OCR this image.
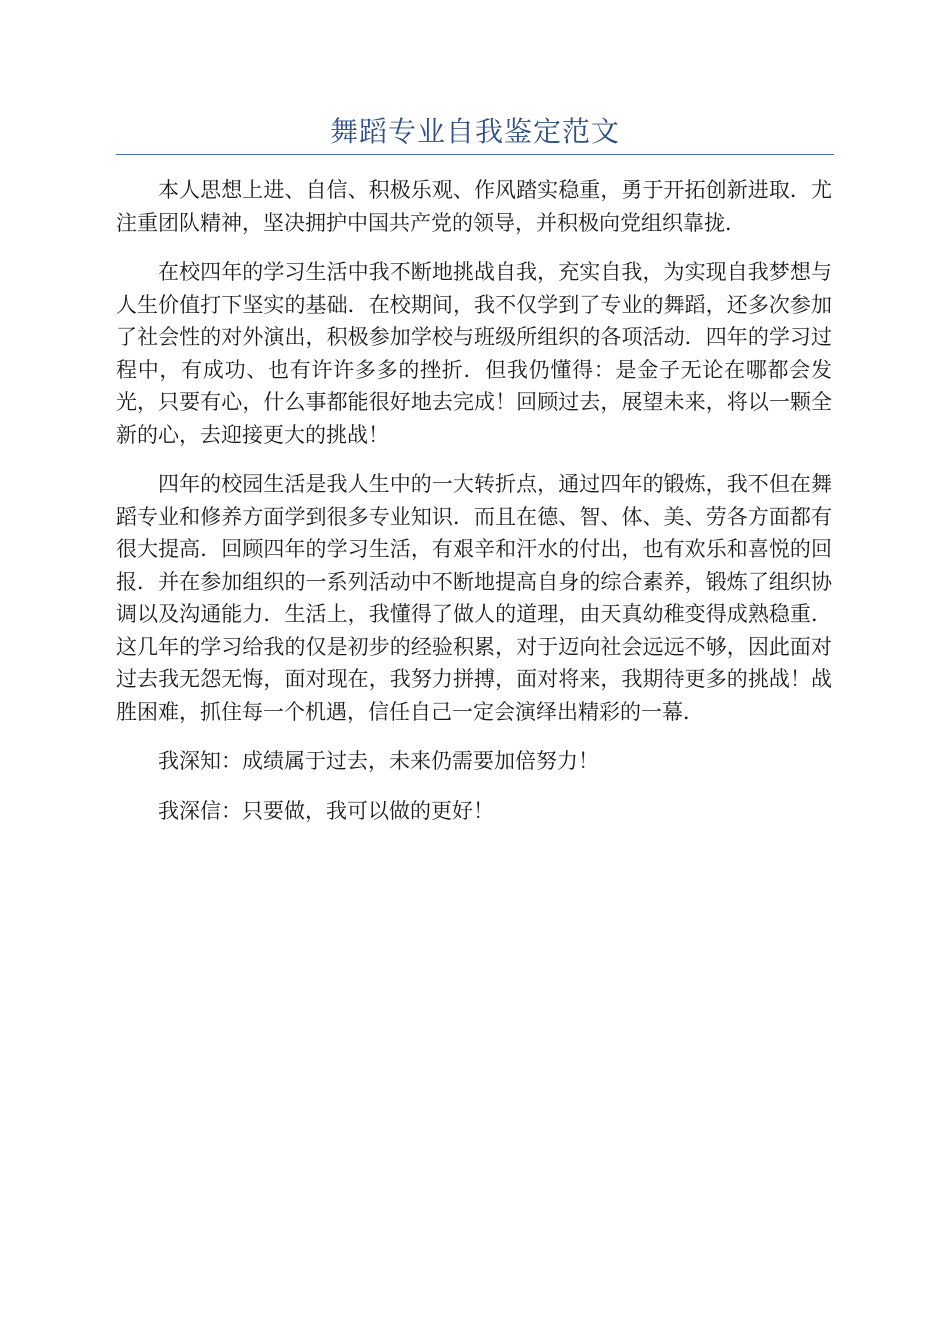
舞蹈专业自我鉴定范文

本人思想上进、自信、积极乐观、作风踏实稳重，勇于开拓创新进取．尤注重团队精神，坚决拥护中国共产党的领导，并积极向党组织靠拢．

在校四年的学习生活中我不断地挑战自我，充实自我，为实现自我梦想与人生价值打下坚实的基础．在校期间，我不仅学到了专业的舞蹈，还多次参加了社会性的对外演出，积极参加学校与班级所组织的各项活动．四年的学习过程中，有成功、也有许许多多的挫折．但我仍懂得：是金子无论在哪都会发光，只要有心，什么事都能很好地去完成！回顾过去，展望未来，将以一颗全新的心，去迎接更大的挑战！

四年的校园生活是我人生中的一大转折点，通过四年的锻炼，我不但在舞蹈专业和修养方面学到很多专业知识．而且在德、智、体、美、劳各方面都有很大提高．回顾四年的学习生活，有艰辛和汗水的付出，也有欢乐和喜悦的回报．并在参加组织的一系列活动中不断地提高自身的综合素养，锻炼了组织协调以及沟通能力．生活上，我懂得了做人的道理，由天真幼稚变得成熟稳重．这几年的学习给我的仅是初步的经验积累，对于迈向社会远远不够，因此面对过去我无怨无悔，面对现在，我努力拼搏，面对将来，我期待更多的挑战！战胜困难，抓住每一个机遇，信任自己一定会演绎出精彩的一幕．

我深知：成绩属于过去，未来仍需要加倍努力！

我深信：只要做，我可以做的更好！
